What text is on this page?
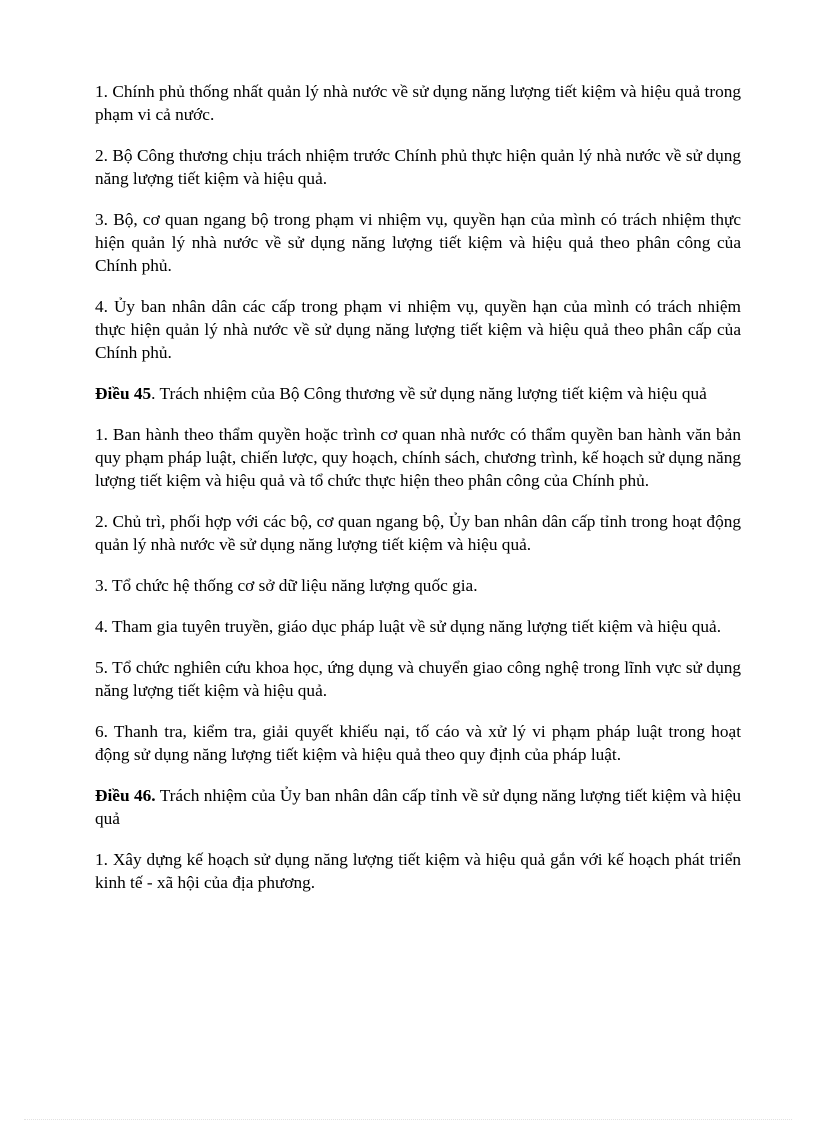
1. Chính phủ thống nhất quản lý nhà nước về sử dụng năng lượng tiết kiệm và hiệu quả trong phạm vi cả nước.

2. Bộ Công thương chịu trách nhiệm trước Chính phủ thực hiện quản lý nhà nước về sử dụng năng lượng tiết kiệm và hiệu quả.

3. Bộ, cơ quan ngang bộ trong phạm vi nhiệm vụ, quyền hạn của mình có trách nhiệm thực hiện quản lý nhà nước về sử dụng năng lượng tiết kiệm và hiệu quả theo phân công của Chính phủ.

4. Ủy ban nhân dân các cấp trong phạm vi nhiệm vụ, quyền hạn của mình có trách nhiệm thực hiện quản lý nhà nước về sử dụng năng lượng tiết kiệm và hiệu quả theo phân cấp của Chính phủ.

Điều 45. Trách nhiệm của Bộ Công thương về sử dụng năng lượng tiết kiệm và hiệu quả

1. Ban hành theo thẩm quyền hoặc trình cơ quan nhà nước có thẩm quyền ban hành văn bản quy phạm pháp luật, chiến lược, quy hoạch, chính sách, chương trình, kế hoạch sử dụng năng lượng tiết kiệm và hiệu quả và tổ chức thực hiện theo phân công của Chính phủ.

2. Chủ trì, phối hợp với các bộ, cơ quan ngang bộ, Ủy ban nhân dân cấp tỉnh trong hoạt động quản lý nhà nước về sử dụng năng lượng tiết kiệm và hiệu quả.

3. Tổ chức hệ thống cơ sở dữ liệu năng lượng quốc gia.

4. Tham gia tuyên truyền, giáo dục pháp luật về sử dụng năng lượng tiết kiệm và hiệu quả.

5. Tổ chức nghiên cứu khoa học, ứng dụng và chuyển giao công nghệ trong lĩnh vực sử dụng năng lượng tiết kiệm và hiệu quả.

6. Thanh tra, kiểm tra, giải quyết khiếu nại, tố cáo và xử lý vi phạm pháp luật trong hoạt động sử dụng năng lượng tiết kiệm và hiệu quả theo quy định của pháp luật.

Điều 46. Trách nhiệm của Ủy ban nhân dân cấp tỉnh về sử dụng năng lượng tiết kiệm và hiệu quả

1. Xây dựng kế hoạch sử dụng năng lượng tiết kiệm và hiệu quả gắn với kế hoạch phát triển kinh tế - xã hội của địa phương.
